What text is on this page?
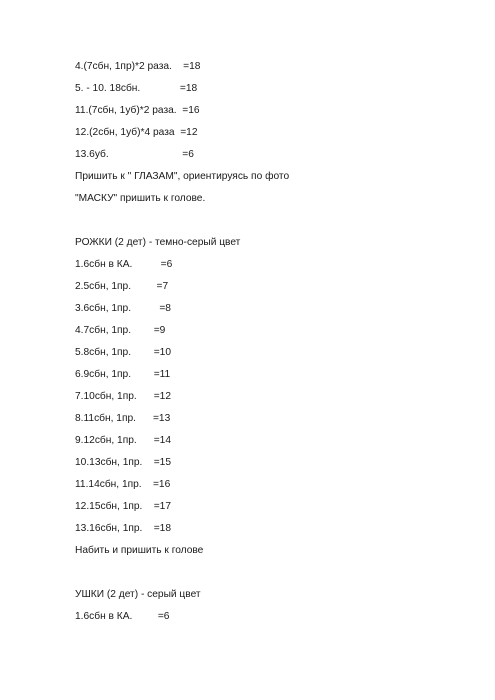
4.(7сбн, 1пр)*2 раза.    =18
5. - 10. 18сбн.              =18
11.(7сбн, 1уб)*2 раза.  =16
12.(2сбн, 1уб)*4 раза  =12
13.6уб.                          =6
Пришить к " ГЛАЗАМ", ориентируясь по фото
"МАСКУ" пришить к голове.
РОЖКИ (2 дет) - темно-серый цвет
1.6сбн в КА.          =6
2.5сбн, 1пр.         =7
3.6сбн, 1пр.          =8
4.7сбн, 1пр.        =9
5.8сбн, 1пр.        =10
6.9сбн, 1пр.        =11
7.10сбн, 1пр.      =12
8.11сбн, 1пр.      =13
9.12сбн, 1пр.      =14
10.13сбн, 1пр.    =15
11.14сбн, 1пр.    =16
12.15сбн, 1пр.    =17
13.16сбн, 1пр.    =18
Набить и пришить к голове
УШКИ (2 дет) - серый цвет
1.6сбн в КА.         =6
